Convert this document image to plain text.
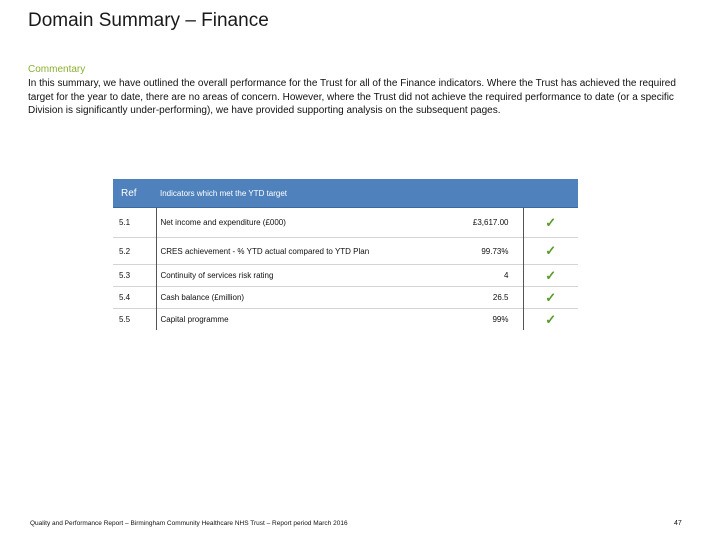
Domain Summary – Finance
Commentary
In this summary, we have outlined the overall performance for the Trust for all of the Finance indicators. Where the Trust has achieved the required target for the year to date, there are no areas of concern. However, where the Trust did not achieve the required performance to date (or a specific Division is significantly under-performing), we have provided supporting analysis on the subsequent pages.
Ref	Indicators which met the YTD target		
5.1	Net income and expenditure (£000)	£3,617.00	✓
5.2	CRES achievement - % YTD actual compared to YTD Plan	99.73%	✓
5.3	Continuity of services risk rating	4	✓
5.4	Cash balance (£million)	26.5	✓
5.5	Capital programme	99%	✓
Quality and Performance Report – Birmingham Community Healthcare NHS Trust – Report period March 2016	47
